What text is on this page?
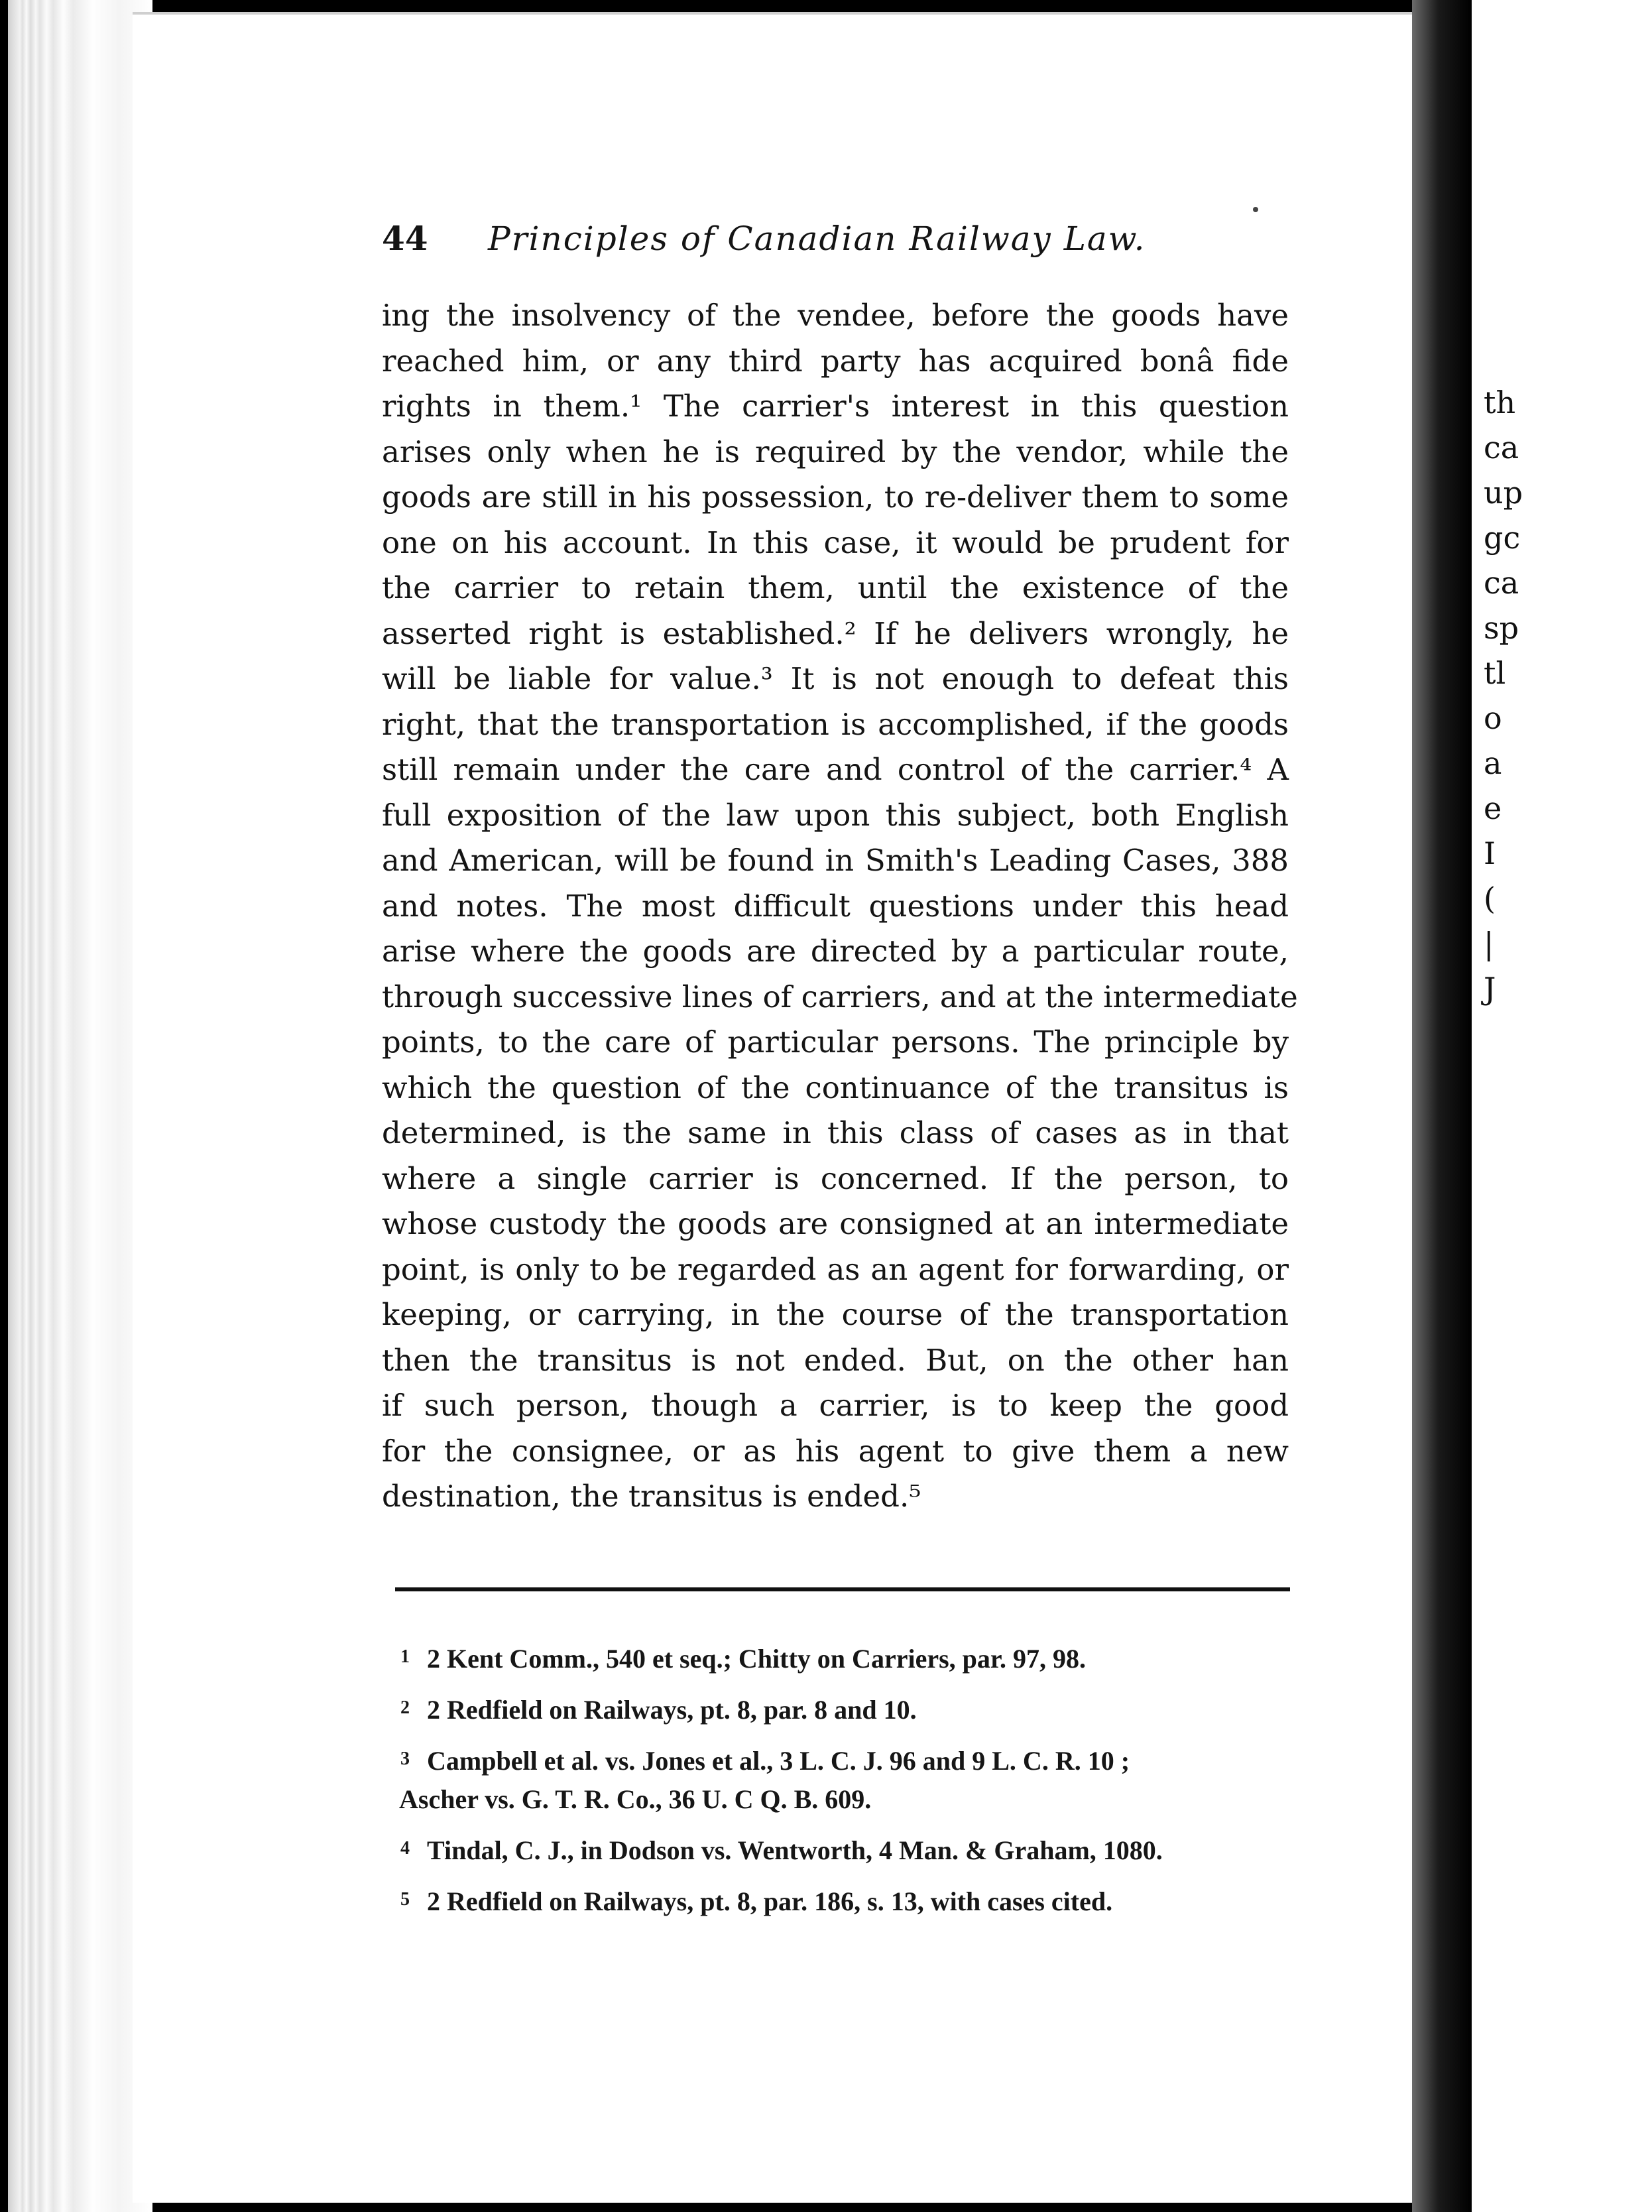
th
ca
up
gc
ca
sp
tl
o
a
e
I
(
|
J
44	Principles of Canadian Railway Law.
ing the insolvency of the vendee, before the goods have
reached him, or any third party has acquired bonâ fide
rights in them.¹ The carrier's interest in this question
arises only when he is required by the vendor, while the
goods are still in his possession, to re-deliver them to some
one on his account. In this case, it would be prudent for
the carrier to retain them, until the existence of the
asserted right is established.² If he delivers wrongly, he
will be liable for value.³ It is not enough to defeat this
right, that the transportation is accomplished, if the goods
still remain under the care and control of the carrier.⁴ A
full exposition of the law upon this subject, both English
and American, will be found in Smith's Leading Cases, 388
and notes. The most difficult questions under this head
arise where the goods are directed by a particular route,
through successive lines of carriers, and at the intermediate
points, to the care of particular persons. The principle by
which the question of the continuance of the transitus is
determined, is the same in this class of cases as in that
where a single carrier is concerned. If the person, to
whose custody the goods are consigned at an intermediate
point, is only to be regarded as an agent for forwarding, or
keeping, or carrying, in the course of the transportation
then the transitus is not ended. But, on the other han
if such person, though a carrier, is to keep the good
for the consignee, or as his agent to give them a new
destination, the transitus is ended.⁵
1 2 Kent Comm., 540 et seq.; Chitty on Carriers, par. 97, 98.
2 2 Redfield on Railways, pt. 8, par. 8 and 10.
3 Campbell et al. vs. Jones et al., 3 L. C. J. 96 and 9 L. C. R. 10 ;
Ascher vs. G. T. R. Co., 36 U. C Q. B. 609.
4 Tindal, C. J., in Dodson vs. Wentworth, 4 Man. & Graham, 1080.
5 2 Redfield on Railways, pt. 8, par. 186, s. 13, with cases cited.
